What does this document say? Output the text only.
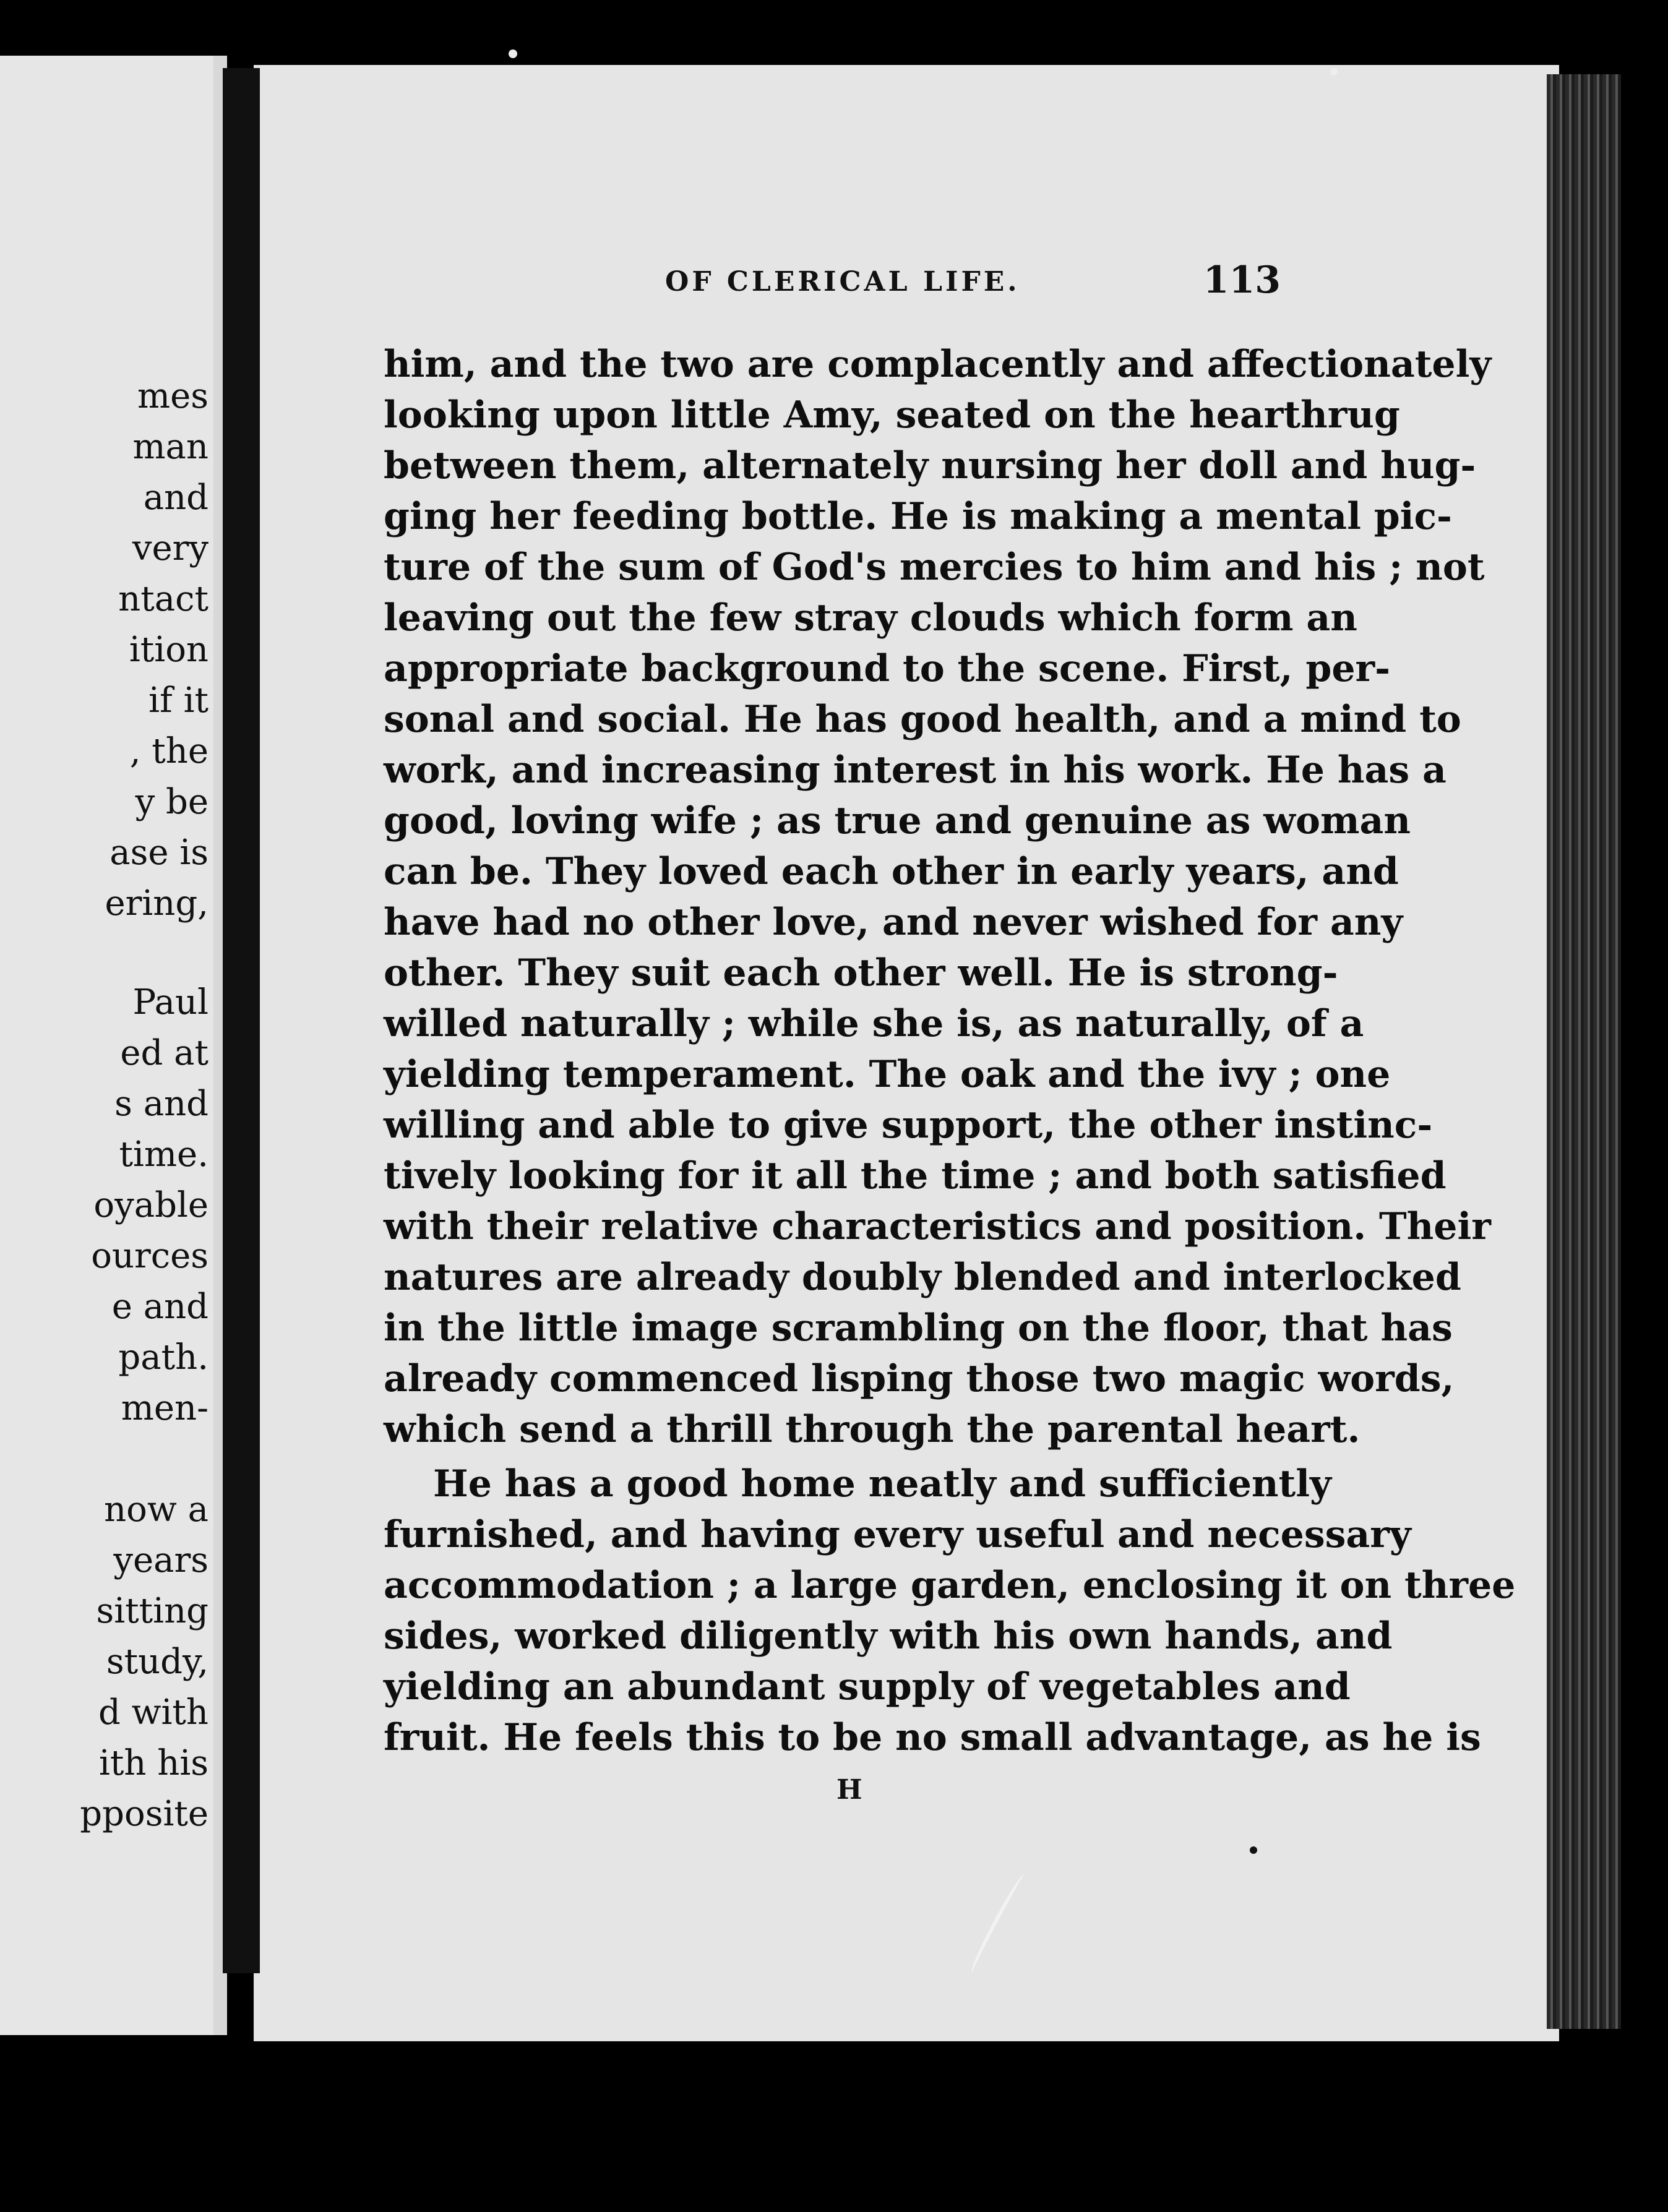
mes
man
and
very
ntact
ition
if it
, the
y be
ase is
ering,
Paul
ed at
s and
time.
oyable
ources
e and
path.
men-
now a
years
sitting
study,
d with
ith his
pposite
OF CLERICAL LIFE.	113
him, and the two are complacently and affectionately
looking upon little Amy, seated on the hearthrug
between them, alternately nursing her doll and hug-
ging her feeding bottle. He is making a mental pic-
ture of the sum of God's mercies to him and his ; not
leaving out the few stray clouds which form an
appropriate background to the scene. First, per-
sonal and social. He has good health, and a mind to
work, and increasing interest in his work. He has a
good, loving wife ; as true and genuine as woman
can be. They loved each other in early years, and
have had no other love, and never wished for any
other. They suit each other well. He is strong-
willed naturally ; while she is, as naturally, of a
yielding temperament. The oak and the ivy ; one
willing and able to give support, the other instinc-
tively looking for it all the time ; and both satisfied
with their relative characteristics and position. Their
natures are already doubly blended and interlocked
in the little image scrambling on the floor, that has
already commenced lisping those two magic words,
which send a thrill through the parental heart.
He has a good home neatly and sufficiently
furnished, and having every useful and necessary
accommodation ; a large garden, enclosing it on three
sides, worked diligently with his own hands, and
yielding an abundant supply of vegetables and
fruit. He feels this to be no small advantage, as he is
H
